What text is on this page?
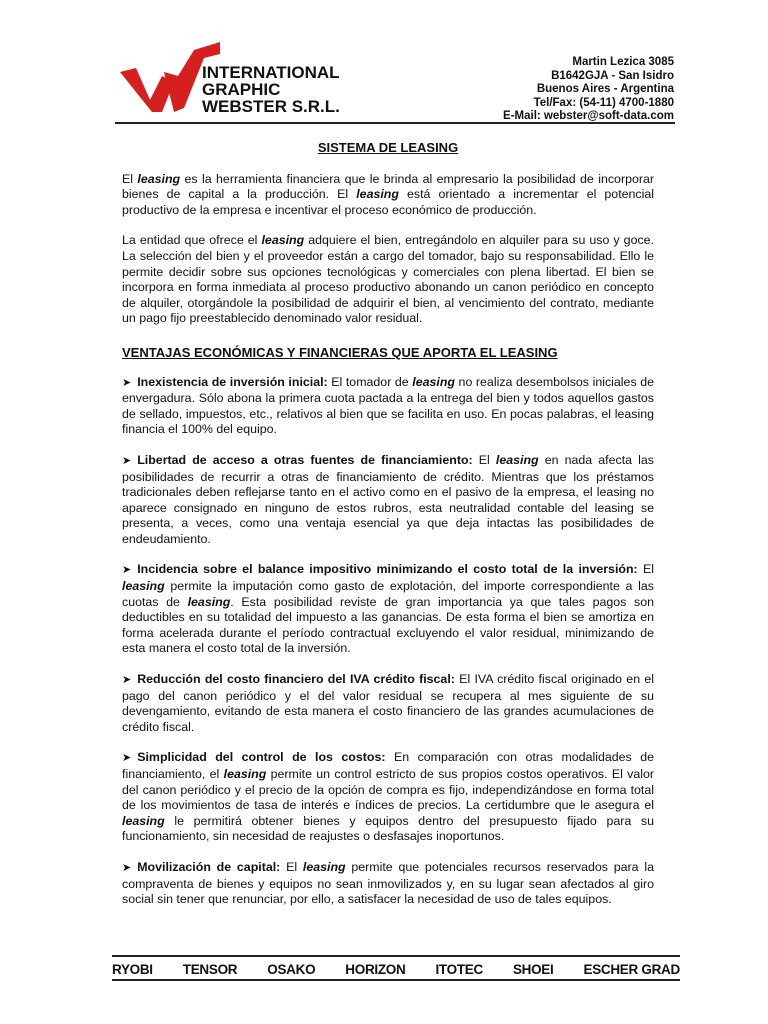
INTERNATIONAL
GRAPHIC
WEBSTER S.R.L.
Martin Lezica 3085
B1642GJA - San Isidro
Buenos Aires - Argentina
Tel/Fax: (54-11) 4700-1880
E-Mail: webster@soft-data.com
SISTEMA DE LEASING

El leasing es la herramienta financiera que le brinda al empresario la posibilidad de incorporar bienes de capital a la producción. El leasing está orientado a incrementar el potencial productivo de la empresa e incentivar el proceso económico de producción.

La entidad que ofrece el leasing adquiere el bien, entregándolo en alquiler para su uso y goce. La selección del bien y el proveedor están a cargo del tomador, bajo su responsabilidad. Ello le permite decidir sobre sus opciones tecnológicas y comerciales con plena libertad. El bien se incorpora en forma inmediata al proceso productivo abonando un canon periódico en concepto de alquiler, otorgándole la posibilidad de adquirir el bien, al vencimiento del contrato, mediante un pago fijo preestablecido denominado valor residual.

VENTAJAS ECONÓMICAS Y FINANCIERAS QUE APORTA EL LEASING

➤ Inexistencia de inversión inicial: El tomador de leasing no realiza desembolsos iniciales de envergadura. Sólo abona la primera cuota pactada a la entrega del bien y todos aquellos gastos de sellado, impuestos, etc., relativos al bien que se facilita en uso. En pocas palabras, el leasing financia el 100% del equipo.

➤ Libertad de acceso a otras fuentes de financiamiento: El leasing en nada afecta las posibilidades de recurrir a otras de financiamiento de crédito. Mientras que los préstamos tradicionales deben reflejarse tanto en el activo como en el pasivo de la empresa, el leasing no aparece consignado en ninguno de estos rubros, esta neutralidad contable del leasing se presenta, a veces, como una ventaja esencial ya que deja intactas las posibilidades de endeudamiento.

➤ Incidencia sobre el balance impositivo minimizando el costo total de la inversión: El leasing permite la imputación como gasto de explotación, del importe correspondiente a las cuotas de leasing. Esta posibilidad reviste de gran importancia ya que tales pagos son deductibles en su totalidad del impuesto a las ganancias. De esta forma el bien se amortiza en forma acelerada durante el período contractual excluyendo el valor residual, minimizando de esta manera el costo total de la inversión.

➤ Reducción del costo financiero del IVA crédito fiscal: El IVA crédito fiscal originado en el pago del canon periódico y el del valor residual se recupera al mes siguiente de su devengamiento, evitando de esta manera el costo financiero de las grandes acumulaciones de crédito fiscal.

➤ Simplicidad del control de los costos: En comparación con otras modalidades de financiamiento, el leasing permite un control estricto de sus propios costos operativos. El valor del canon periódico y el precio de la opción de compra es fijo, independizándose en forma total de los movimientos de tasa de interés e índices de precios. La certidumbre que le asegura el leasing le permitirá obtener bienes y equipos dentro del presupuesto fijado para su funcionamiento, sin necesidad de reajustes o desfasajes inoportunos.

➤ Movilización de capital: El leasing permite que potenciales recursos reservados para la compraventa de bienes y equipos no sean inmovilizados y, en su lugar sean afectados al giro social sin tener que renunciar, por ello, a satisfacer la necesidad de uso de tales equipos.

RYOBI TENSOR OSAKO HORIZON ITOTEC SHOEI ESCHER GRAD
